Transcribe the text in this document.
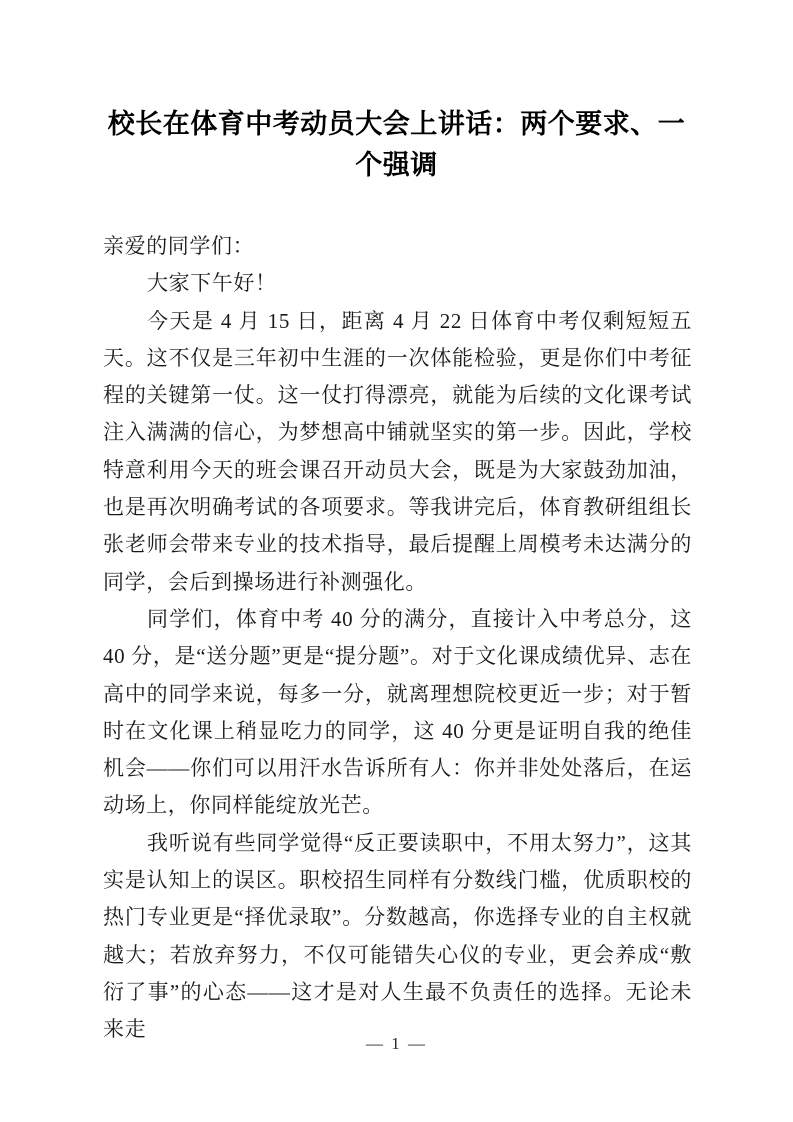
校长在体育中考动员大会上讲话：两个要求、一个强调

亲爱的同学们：

大家下午好！

今天是 4 月 15 日，距离 4 月 22 日体育中考仅剩短短五天。这不仅是三年初中生涯的一次体能检验，更是你们中考征程的关键第一仗。这一仗打得漂亮，就能为后续的文化课考试注入满满的信心，为梦想高中铺就坚实的第一步。因此，学校特意利用今天的班会课召开动员大会，既是为大家鼓劲加油，也是再次明确考试的各项要求。等我讲完后，体育教研组组长张老师会带来专业的技术指导，最后提醒上周模考未达满分的同学，会后到操场进行补测强化。

同学们，体育中考 40 分的满分，直接计入中考总分，这 40 分，是“送分题”更是“提分题”。对于文化课成绩优异、志在高中的同学来说，每多一分，就离理想院校更近一步；对于暂时在文化课上稍显吃力的同学，这 40 分更是证明自我的绝佳机会——你们可以用汗水告诉所有人：你并非处处落后，在运动场上，你同样能绽放光芒。

我听说有些同学觉得“反正要读职中，不用太努力”，这其实是认知上的误区。职校招生同样有分数线门槛，优质职校的热门专业更是“择优录取”。分数越高，你选择专业的自主权就越大；若放弃努力，不仅可能错失心仪的专业，更会养成“敷衍了事”的心态——这才是对人生最不负责任的选择。无论未来走

— 1 —
